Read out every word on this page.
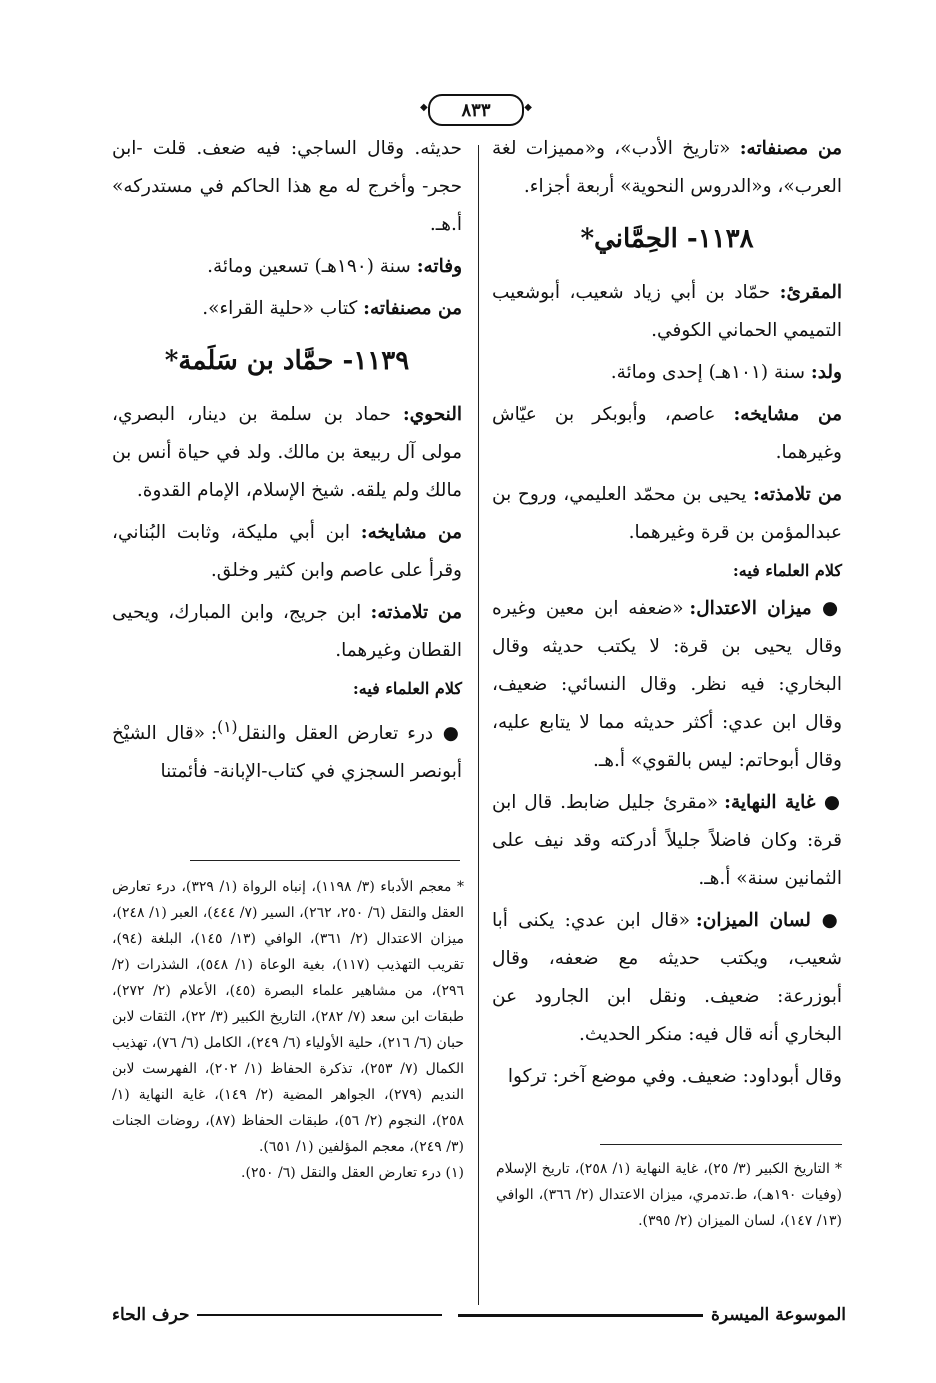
◆ ٨٣٣ ◆

من مصنفاته: «تاريخ الأدب»، و«مميزات لغة العرب»، و«الدروس النحوية» أربعة أجزاء.

١١٣٨- الحِمَّاني*

المقرئ: حمّاد بن أبي زياد شعيب، أبوشعيب التميمي الحماني الكوفي.

ولد: سنة (١٠١هـ) إحدى ومائة.

من مشايخه: عاصم، وأبوبكر بن عيّاش وغيرهما.

من تلامذته: يحيى بن محمّد العليمي، وروح بن عبدالمؤمن بن قرة وغيرهما.

كلام العلماء فيه:

● ميزان الاعتدال: «ضعفه ابن معين وغيره وقال يحيى بن قرة: لا يكتب حديثه وقال البخاري: فيه نظر. وقال النسائي: ضعيف، وقال ابن عدي: أكثر حديثه مما لا يتابع عليه، وقال أبوحاتم: ليس بالقوي» أ.هـ.

● غاية النهاية: «مقرئ جليل ضابط. قال ابن قرة: وكان فاضلاً جليلاً أدركته وقد نيف على الثمانين سنة» أ.هـ.

● لسان الميزان: «قال ابن عدي: يكنى أبا شعيب، ويكتب حديثه مع ضعفه، وقال أبوزرعة: ضعيف. ونقل ابن الجارود عن البخاري أنه قال فيه: منكر الحديث.

وقال أبوداود: ضعيف. وفي موضع آخر: تركوا

حديثه. وقال الساجي: فيه ضعف. قلت -ابن حجر- وأخرج له مع هذا الحاكم في مستدركه» أ.هـ.

وفاته: سنة (١٩٠هـ) تسعين ومائة.

من مصنفاته: كتاب «حلية القراء».

١١٣٩- حمَّاد بن سَلَمة*

النحوي: حماد بن سلمة بن دينار، البصري، مولى آل ربيعة بن مالك. ولد في حياة أنس بن مالك ولم يلقه. شيخ الإسلام، الإمام القدوة.

من مشايخه: ابن أبي مليكة، وثابت البُناني، وقرأ على عاصم وابن كثير وخلق.

من تلامذته: ابن جريج، وابن المبارك، ويحيى القطان وغيرهما.

كلام العلماء فيه:

● درء تعارض العقل والنقل$^{(١)}$: «قال الشيْخ أبونصر السجزي في كتاب-الإبانة- فأئمتنا

* معجم الأدباء (٣/ ١١٩٨)، إنباه الرواة (١/ ٣٢٩)، درء تعارض العقل والنقل (٦/ ٢٥٠، ٢٦٢)، السير (٧/ ٤٤٤)، العبر (١/ ٢٤٨)، ميزان الاعتدال (٢/ ٣٦١)، الوافي (١٣/ ١٤٥)، البلغة (٩٤)، تقريب التهذيب (١١٧)، بغية الوعاة (١/ ٥٤٨)، الشذرات (٢/ ٢٩٦)، من مشاهير علماء البصرة (٤٥)، الأعلام (٢/ ٢٧٢)، طبقات ابن سعد (٧/ ٢٨٢)، التاريخ الكبير (٣/ ٢٢)، الثقات لابن حبان (٦/ ٢١٦)، حلية الأولياء (٦/ ٢٤٩)، الكامل (٦/ ٧٦)، تهذيب الكمال (٧/ ٢٥٣)، تذكرة الحفاظ (١/ ٢٠٢)، الفهرست لابن النديم (٢٧٩)، الجواهر المضية (٢/ ١٤٩)، غاية النهاية (١/ ٢٥٨)، النجوم (٢/ ٥٦)، طبقات الحفاظ (٨٧)، روضات الجنات (٣/ ٢٤٩)، معجم المؤلفين (١/ ٦٥١).

(١) درء تعارض العقل والنقل (٦/ ٢٥٠). * التاريخ الكبير (٣/ ٢٥)، غاية النهاية (١/ ٢٥٨)، تاريخ الإسلام (وفيات ١٩٠هـ)، ط.تدمري، ميزان الاعتدال (٢/ ٣٦٦)، الوافي (١٣/ ١٤٧)، لسان الميزان (٢/ ٣٩٥).

الموسوعة الميسرة
حرف الحاء
